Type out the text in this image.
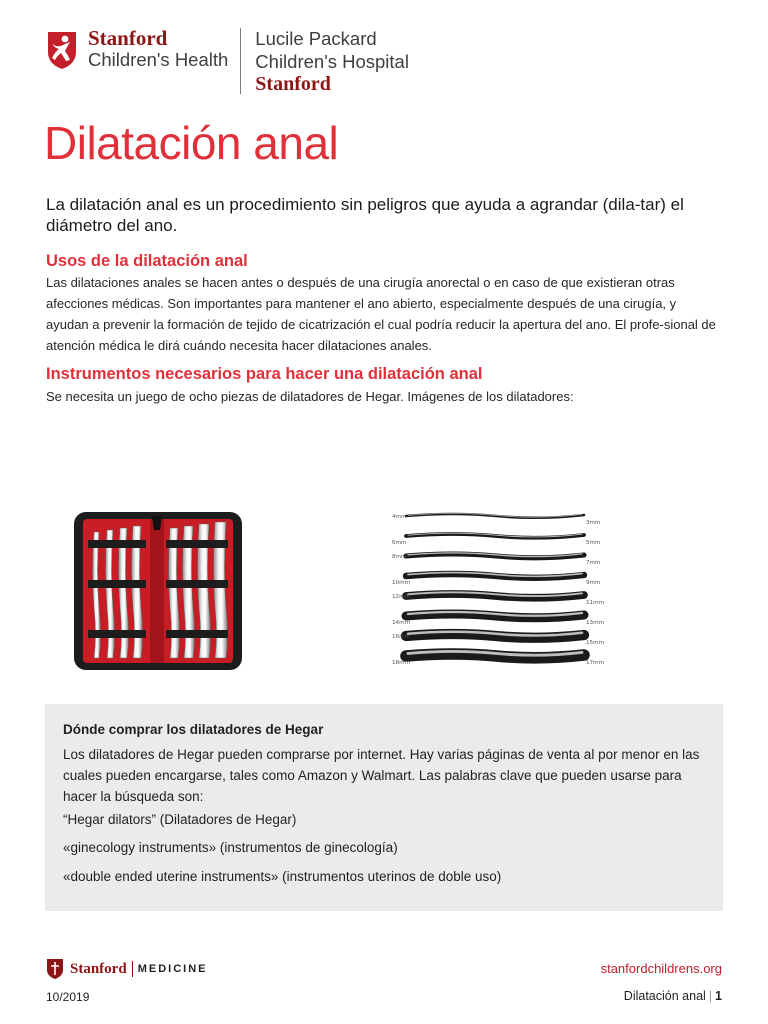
Stanford
Children's Health
Lucile Packard
Children's Hospital
Stanford
Dilatación anal

La dilatación anal es un procedimiento sin peligros que ayuda a agrandar (dila-tar) el diámetro del ano.

Usos de la dilatación anal

Las dilataciones anales se hacen antes o después de una cirugía anorectal o en caso de que existieran otras afecciones médicas. Son importantes para mantener el ano abierto, especialmente después de una cirugía, y ayudan a prevenir la formación de tejido de cicatrización el cual podría reducir la apertura del ano. El profe-sional de atención médica le dirá cuándo necesita hacer dilataciones anales.

Instrumentos necesarios para hacer una dilatación anal

Se necesita un juego de ocho piezas de dilatadores de Hegar. Imágenes de los dilatadores:

4mm
3mm
6mm	5mm
8mm
7mm
10mm	9mm
12mm
11mm
14mm	13mm
16mm
15mm
18mm	17mm
Dónde comprar los dilatadores de Hegar
Los dilatadores de Hegar pueden comprarse por internet. Hay varias páginas de venta al por menor en las cuales pueden encargarse, tales como Amazon y Walmart. Las palabras clave que pueden usarse para hacer la búsqueda son:
“Hegar dilators” (Dilatadores de Hegar)
«ginecology instruments» (instrumentos de ginecología)
«double ended uterine instruments» (instrumentos uterinos de doble uso)
Stanford MEDICINE	stanfordchildrens.org
10/2019	Dilatación anal | 1
